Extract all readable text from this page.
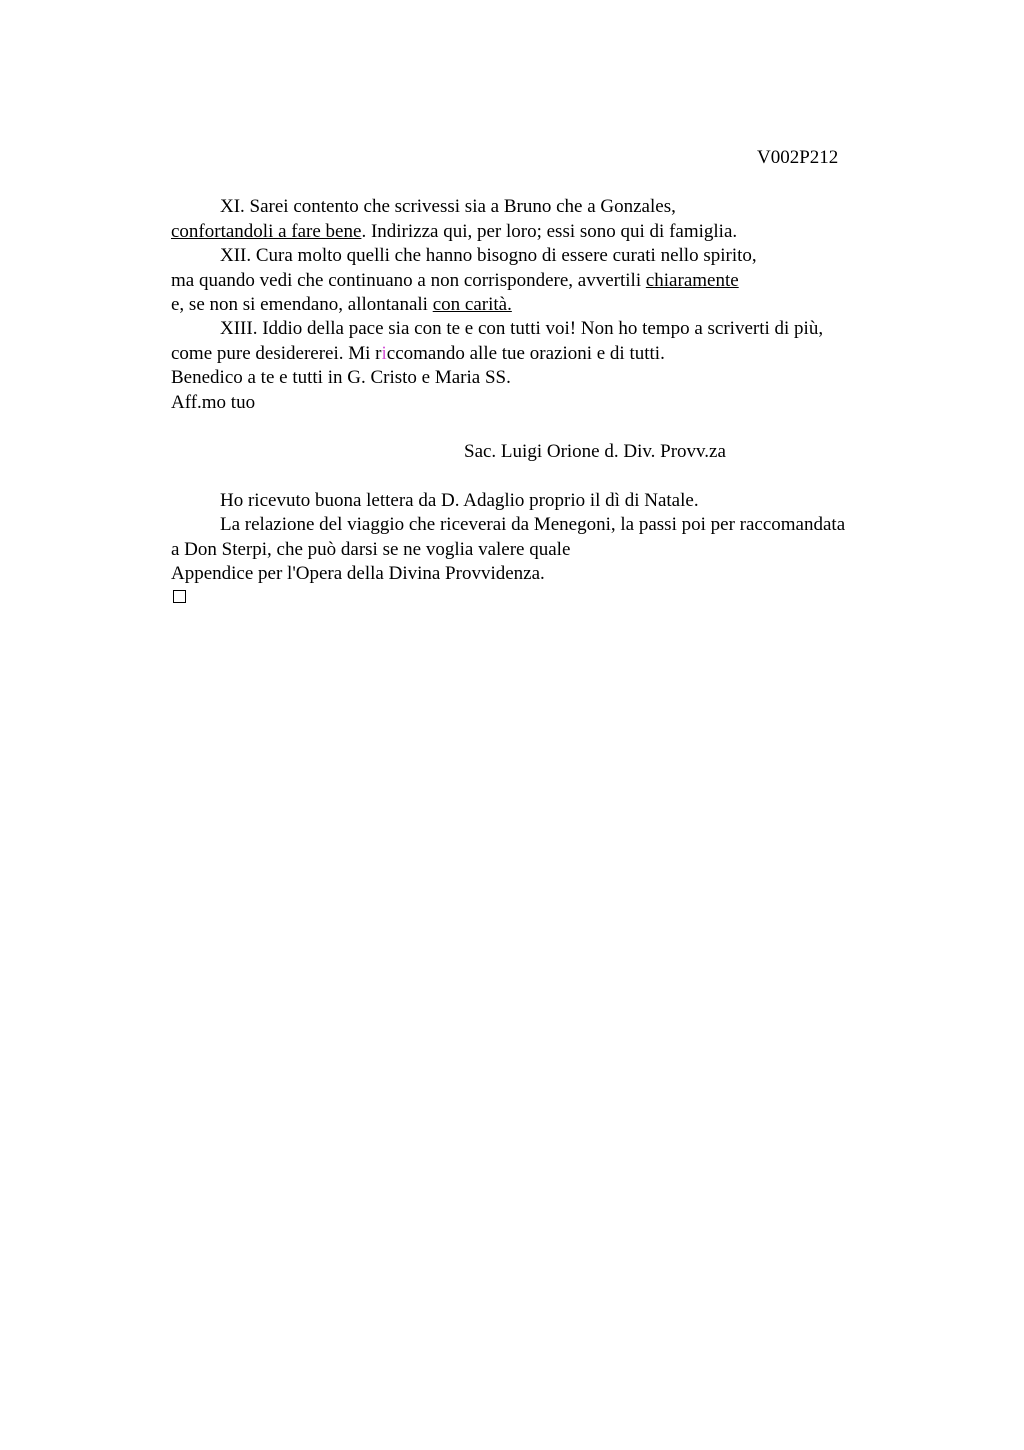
V002P212
XI. Sarei contento che scrivessi sia a Bruno che a Gonzales,
confortandoli a fare bene. Indirizza qui, per loro; essi sono qui di famiglia.
XII. Cura molto quelli che hanno bisogno di essere curati nello spirito,
ma quando vedi che continuano a non corrispondere, avvertili chiaramente
e, se non si emendano, allontanali con carità.
XIII. Iddio della pace sia con te e con tutti voi! Non ho tempo a scriverti di più,
come pure desidererei. Mi riccomando alle tue orazioni e di tutti.
Benedico a te e tutti in G. Cristo e Maria SS.
Aff.mo tuo
Sac. Luigi Orione d. Div. Provv.za
Ho ricevuto buona lettera da D. Adaglio proprio il dì di Natale.
La relazione del viaggio che riceverai da Menegoni, la passi poi per raccomandata
a Don Sterpi, che può darsi se ne voglia valere quale
Appendice per l'Opera della Divina Provvidenza.
